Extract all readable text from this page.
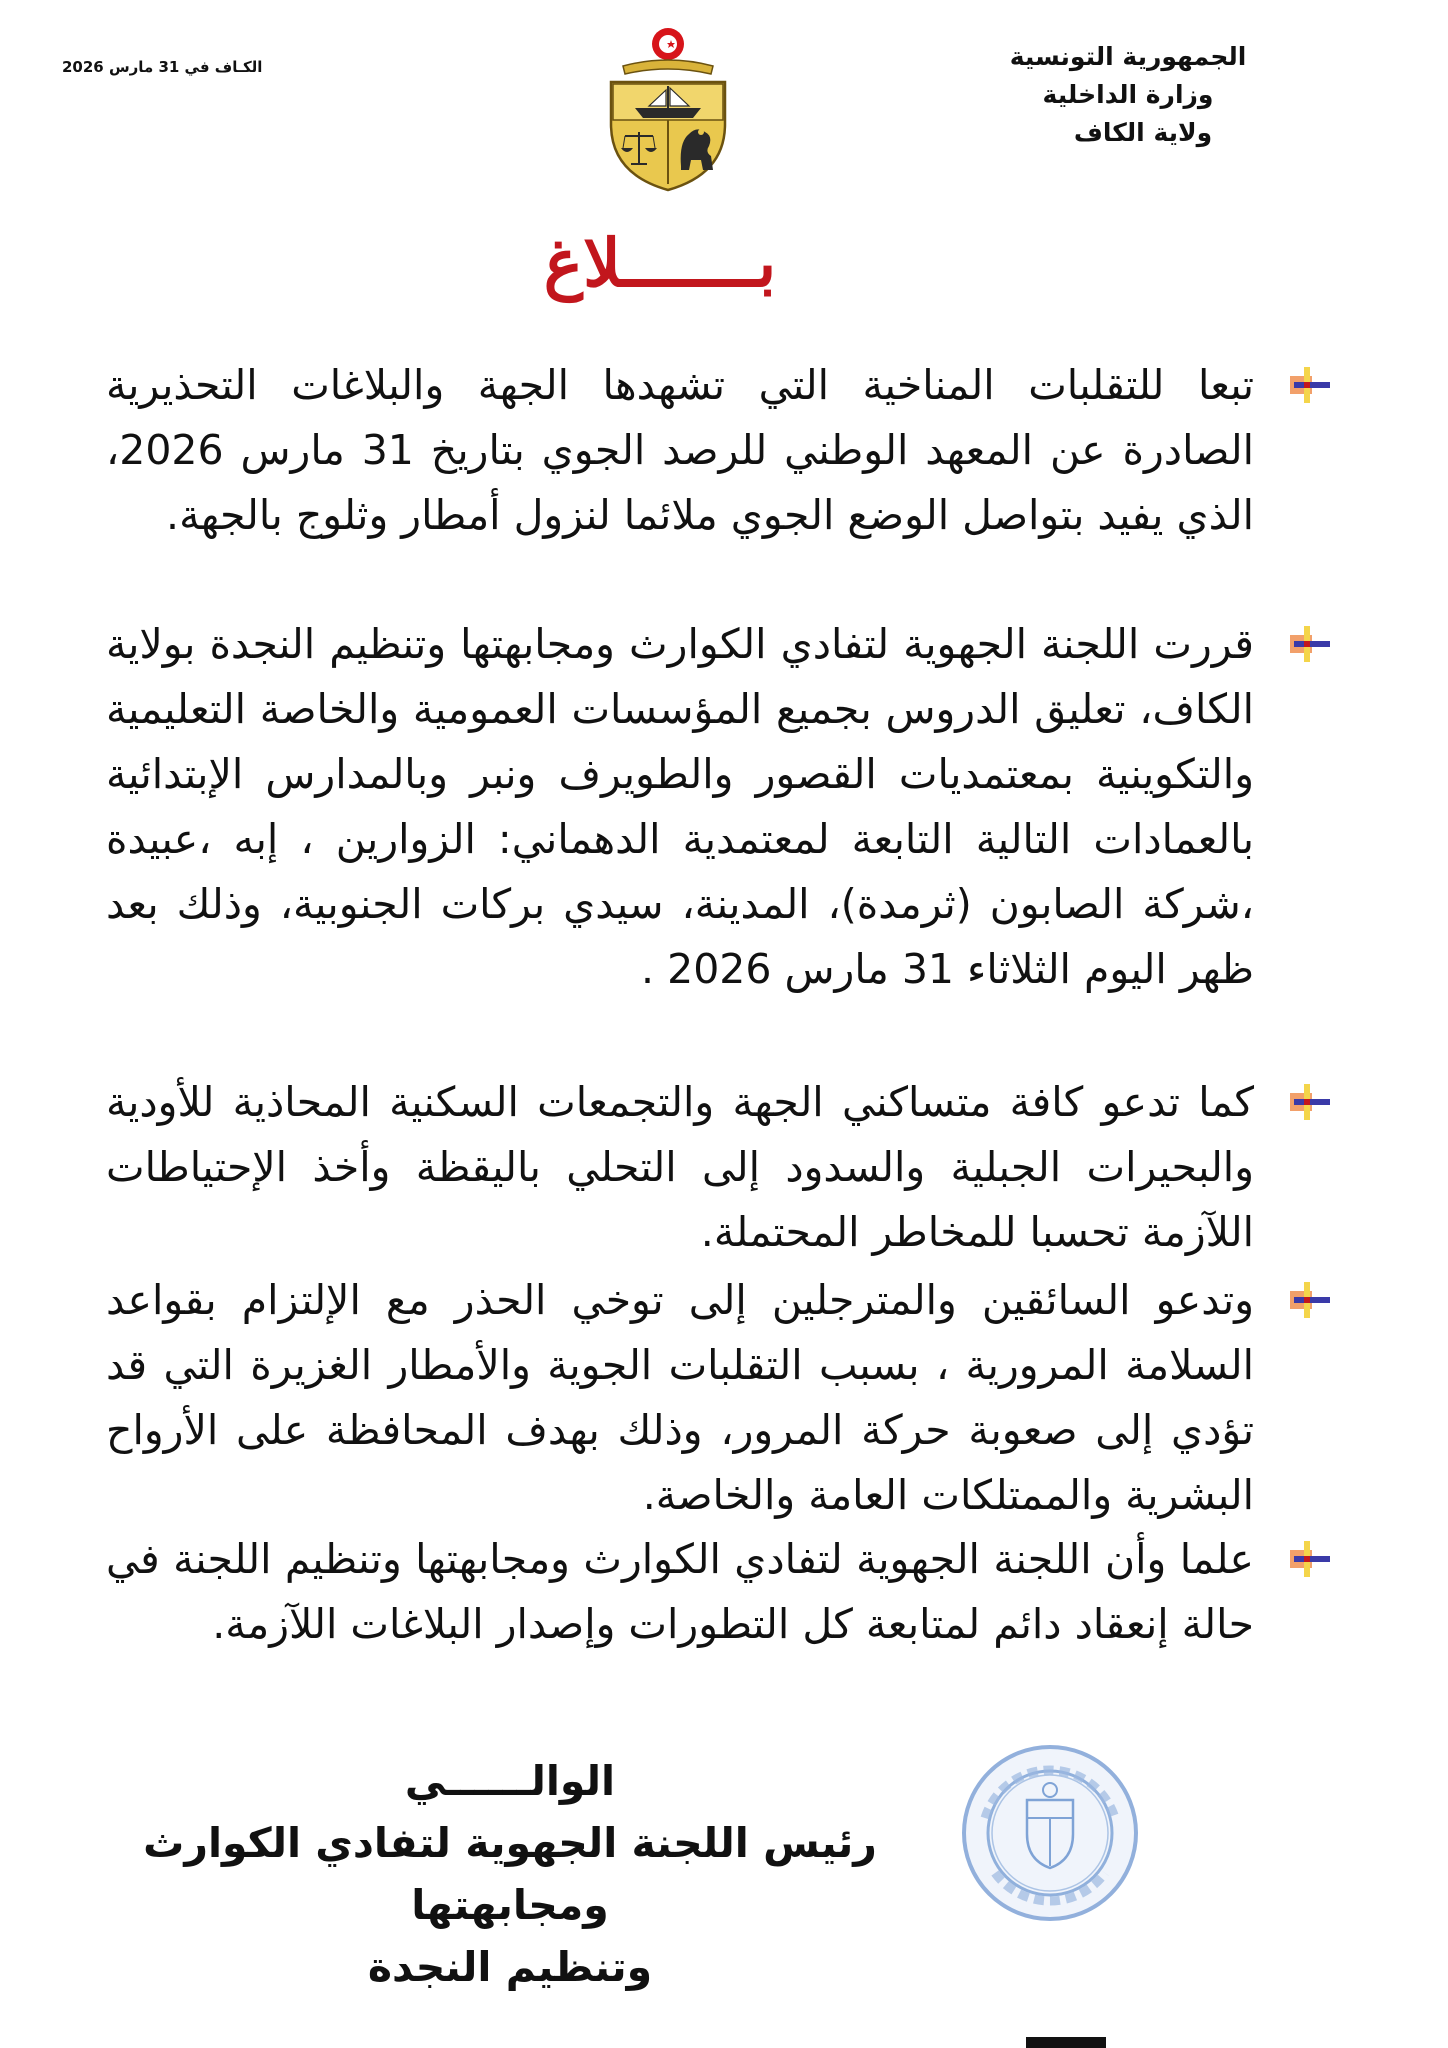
الجمهورية التونسية
وزارة الداخلية
ولاية الكاف
الكـاف في 31 مارس 2026
بـــــــلاغ
تبعا للتقلبات المناخية التي تشهدها الجهة والبلاغات التحذيرية الصادرة عن المعهد الوطني للرصد الجوي بتاريخ 31 مارس 2026، الذي يفيد بتواصل الوضع الجوي ملائما لنزول أمطار وثلوج بالجهة.
قررت اللجنة الجهوية لتفادي الكوارث ومجابهتها وتنظيم النجدة بولاية الكاف، تعليق الدروس بجميع المؤسسات العمومية والخاصة التعليمية والتكوينية بمعتمديات القصور والطويرف ونبر وبالمدارس الإبتدائية بالعمادات التالية التابعة لمعتمدية الدهماني: الزوارين ، إبه ،عبيدة ،شركة الصابون (ثرمدة)، المدينة، سيدي بركات الجنوبية، وذلك بعد ظهر اليوم الثلاثاء 31 مارس 2026 .
كما تدعو كافة متساكني الجهة والتجمعات السكنية المحاذية للأودية والبحيرات الجبلية والسدود إلى التحلي باليقظة وأخذ الإحتياطات اللآزمة تحسبا للمخاطر المحتملة.
وتدعو السائقين والمترجلين إلى توخي الحذر مع الإلتزام بقواعد السلامة المرورية ، بسبب التقلبات الجوية والأمطار الغزيرة التي قد تؤدي إلى صعوبة حركة المرور، وذلك بهدف المحافظة على الأرواح البشرية والممتلكات العامة والخاصة.
علما وأن اللجنة الجهوية لتفادي الكوارث ومجابهتها وتنظيم اللجنة في حالة إنعقاد دائم لمتابعة كل التطورات وإصدار البلاغات اللآزمة.
الوالــــــي
رئيس اللجنة الجهوية لتفادي الكوارث ومجابهتها
وتنظيم النجدة
